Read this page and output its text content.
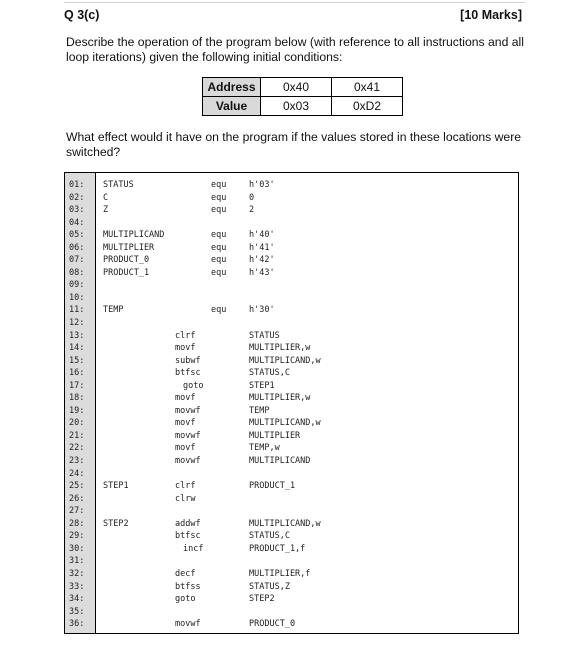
Q 3(c)	[10 Marks]

Describe the operation of the program below (with reference to all instructions and all loop iterations) given the following initial conditions:

Address	0x40	0x41
Value	0x03	0xD2

What effect would it have on the program if the values stored in these locations were switched?

01: STATUS	equ	h'03'
02: C	equ	0
03: Z	equ	2
04:
05: MULTIPLICAND	equ	h'40'
06: MULTIPLIER	equ	h'41'
07: PRODUCT_0	equ	h'42'
08: PRODUCT_1	equ	h'43'
09:
10:
11: TEMP	equ	h'30'
12:
13:	clrf	STATUS
14:	movf	MULTIPLIER,w
15:	subwf	MULTIPLICAND,w
16:	btfsc	STATUS,C
17:	goto	STEP1
18:	movf	MULTIPLIER,w
19:	movwf	TEMP
20:	movf	MULTIPLICAND,w
21:	movwf	MULTIPLIER
22:	movf	TEMP,w
23:	movwf	MULTIPLICAND
24:
25: STEP1	clrf	PRODUCT_1
26:	clrw
27:
28: STEP2	addwf	MULTIPLICAND,w
29:	btfsc	STATUS,C
30:	incf	PRODUCT_1,f
31:
32:	decf	MULTIPLIER,f
33:	btfss	STATUS,Z
34:	goto	STEP2
35:
36:	movwf	PRODUCT_0
